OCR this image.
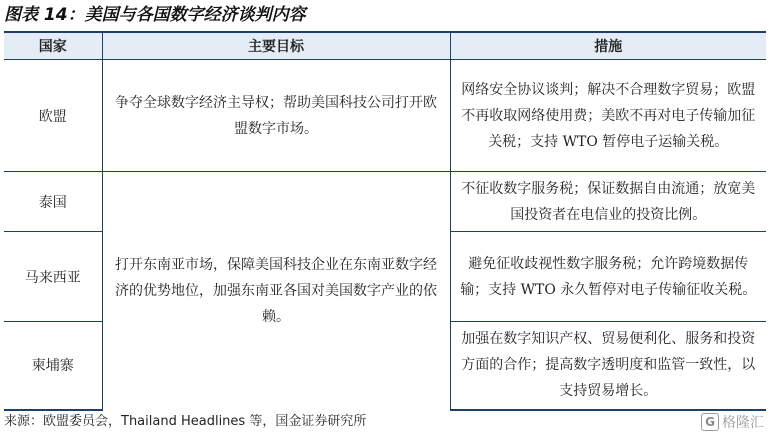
图表 14：美国与各国数字经济谈判内容
国家	主要目标	措施
欧盟	争夺全球数字经济主导权；帮助美国科技公司打开欧盟数字市场。	网络安全协议谈判；解决不合理数字贸易；欧盟不再收取网络使用费；美欧不再对电子传输加征关税；支持 WTO 暂停电子运输关税。
泰国	打开东南亚市场，保障美国科技企业在东南亚数字经济的优势地位，加强东南亚各国对美国数字产业的依赖。	不征收数字服务税；保证数据自由流通；放宽美国投资者在电信业的投资比例。
马来西亚		避免征收歧视性数字服务税；允许跨境数据传输；支持 WTO 永久暂停对电子传输征收关税。
柬埔寨		加强在数字知识产权、贸易便利化、服务和投资方面的合作；提高数字透明度和监管一致性，以支持贸易增长。
来源：欧盟委员会，Thailand Headlines 等，国金证券研究所	G 格隆汇
